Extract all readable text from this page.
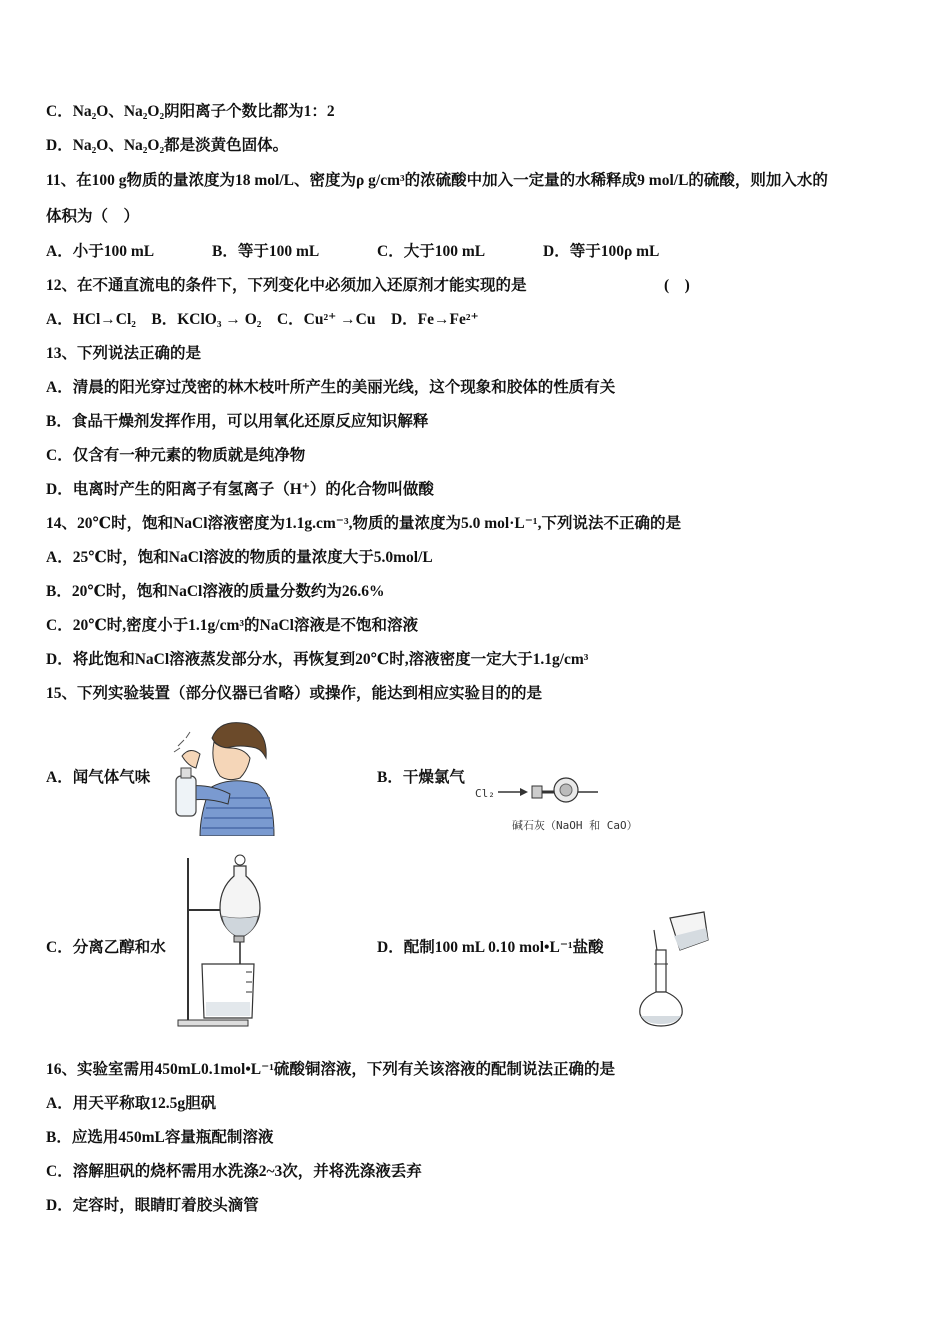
C．Na₂O、Na₂O₂阴阳离子个数比都为1：2
D．Na₂O、Na₂O₂都是淡黄色固体。
11、在100 g物质的量浓度为18 mol/L、密度为ρ g/cm³的浓硫酸中加入一定量的水稀释成9 mol/L的硫酸，则加入水的
体积为（　）
A．小于100 mL	B．等于100 mL	C．大于100 mL	D．等于100ρ mL
12、在不通直流电的条件下，下列变化中必须加入还原剂才能实现的是	(　)
A．HCl→Cl₂　B．KClO₃ → O₂　C．Cu²⁺ →Cu　D．Fe→Fe²⁺
13、下列说法正确的是
A．清晨的阳光穿过茂密的林木枝叶所产生的美丽光线，这个现象和胶体的性质有关
B．食品干燥剂发挥作用，可以用氧化还原反应知识解释
C．仅含有一种元素的物质就是纯净物
D．电离时产生的阳离子有氢离子（H⁺）的化合物叫做酸
14、20℃时，饱和NaCl溶液密度为1.1g.cm⁻³,物质的量浓度为5.0 mol·L⁻¹,下列说法不正确的是
A．25℃时，饱和NaCl溶波的物质的量浓度大于5.0mol/L
B．20℃时，饱和NaCl溶液的质量分数约为26.6%
C．20℃时,密度小于1.1g/cm³的NaCl溶液是不饱和溶液
D．将此饱和NaCl溶液蒸发部分水，再恢复到20℃时,溶液密度一定大于1.1g/cm³
15、下列实验装置（部分仪器已省略）或操作，能达到相应实验目的的是
A．闻气体气味	B．干燥氯气
Cl₂
碱石灰（NaOH 和 CaO）
C．分离乙醇和水	D．配制100 mL 0.10 mol•L⁻¹盐酸
16、实验室需用450mL0.1mol•L⁻¹硫酸铜溶液，下列有关该溶液的配制说法正确的是
A．用天平称取12.5g胆矾
B．应选用450mL容量瓶配制溶液
C．溶解胆矾的烧杯需用水洗涤2~3次，并将洗涤液丢弃
D．定容时，眼睛盯着胶头滴管
